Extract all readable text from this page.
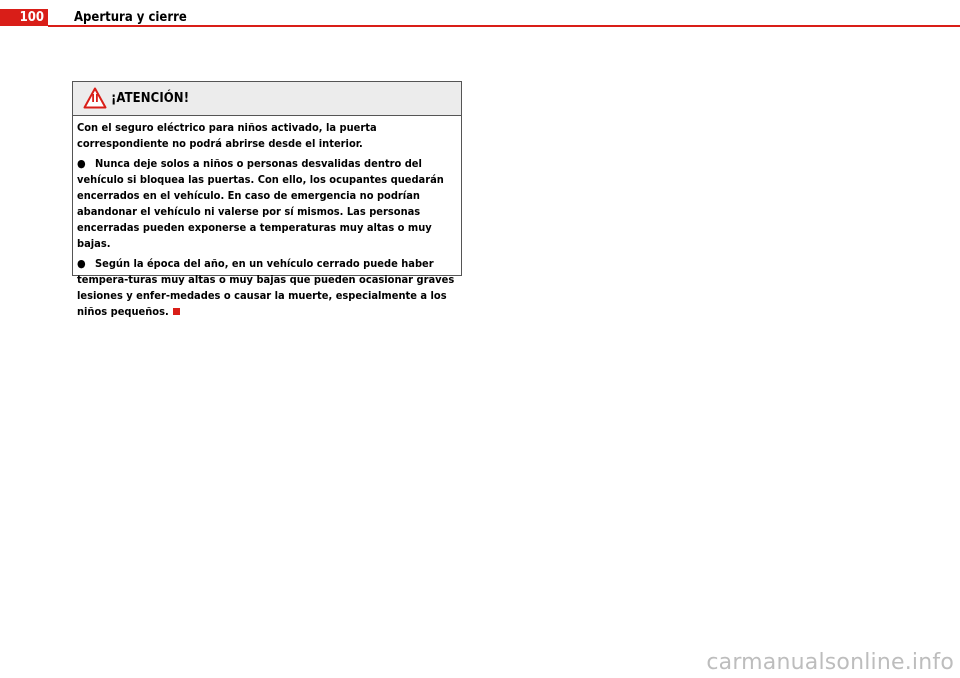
100	Apertura y cierre
¡ATENCIÓN!

Con el seguro eléctrico para niños activado, la puerta correspondiente no podrá abrirse desde el interior.

● Nunca deje solos a niños o personas desvalidas dentro del vehículo si bloquea las puertas. Con ello, los ocupantes quedarán encerrados en el vehículo. En caso de emergencia no podrían abandonar el vehículo ni valerse por sí mismos. Las personas encerradas pueden exponerse a temperaturas muy altas o muy bajas.

● Según la época del año, en un vehículo cerrado puede haber tempera-turas muy altas o muy bajas que pueden ocasionar graves lesiones y enfer-medades o causar la muerte, especialmente a los niños pequeños.

carmanualsonline.info
